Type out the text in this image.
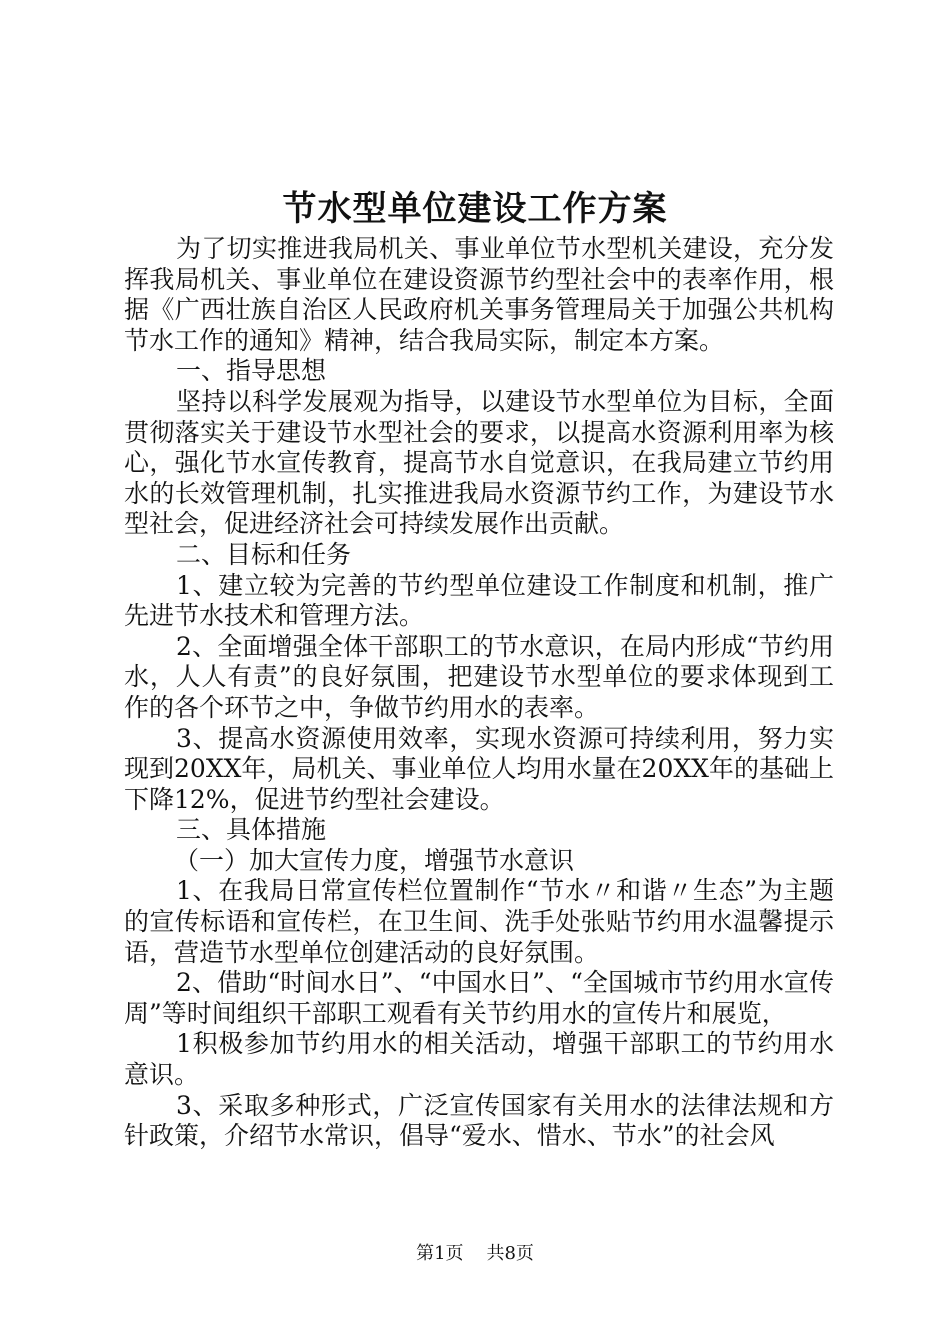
节水型单位建设工作方案

为了切实推进我局机关、事业单位节水型机关建设，充分发挥我局机关、事业单位在建设资源节约型社会中的表率作用，根据《广西壮族自治区人民政府机关事务管理局关于加强公共机构节水工作的通知》精神，结合我局实际，制定本方案。

一、指导思想

坚持以科学发展观为指导，以建设节水型单位为目标，全面贯彻落实关于建设节水型社会的要求，以提高水资源利用率为核心，强化节水宣传教育，提高节水自觉意识，在我局建立节约用水的长效管理机制，扎实推进我局水资源节约工作，为建设节水型社会，促进经济社会可持续发展作出贡献。

二、目标和任务

1、建立较为完善的节约型单位建设工作制度和机制，推广先进节水技术和管理方法。

2、全面增强全体干部职工的节水意识，在局内形成“节约用水，人人有责”的良好氛围，把建设节水型单位的要求体现到工作的各个环节之中，争做节约用水的表率。

3、提高水资源使用效率，实现水资源可持续利用，努力实现到20XX年，局机关、事业单位人均用水量在20XX年的基础上下降12%，促进节约型社会建设。

三、具体措施

（一）加大宣传力度，增强节水意识

1、在我局日常宣传栏位置制作“节水〃和谐〃生态”为主题的宣传标语和宣传栏，在卫生间、洗手处张贴节约用水温馨提示语，营造节水型单位创建活动的良好氛围。

2、借助“时间水日”、“中国水日”、“全国城市节约用水宣传周”等时间组织干部职工观看有关节约用水的宣传片和展览，

1积极参加节约用水的相关活动，增强干部职工的节约用水意识。

3、采取多种形式，广泛宣传国家有关用水的法律法规和方针政策，介绍节水常识，倡导“爱水、惜水、节水”的社会风

第1页 共8页
